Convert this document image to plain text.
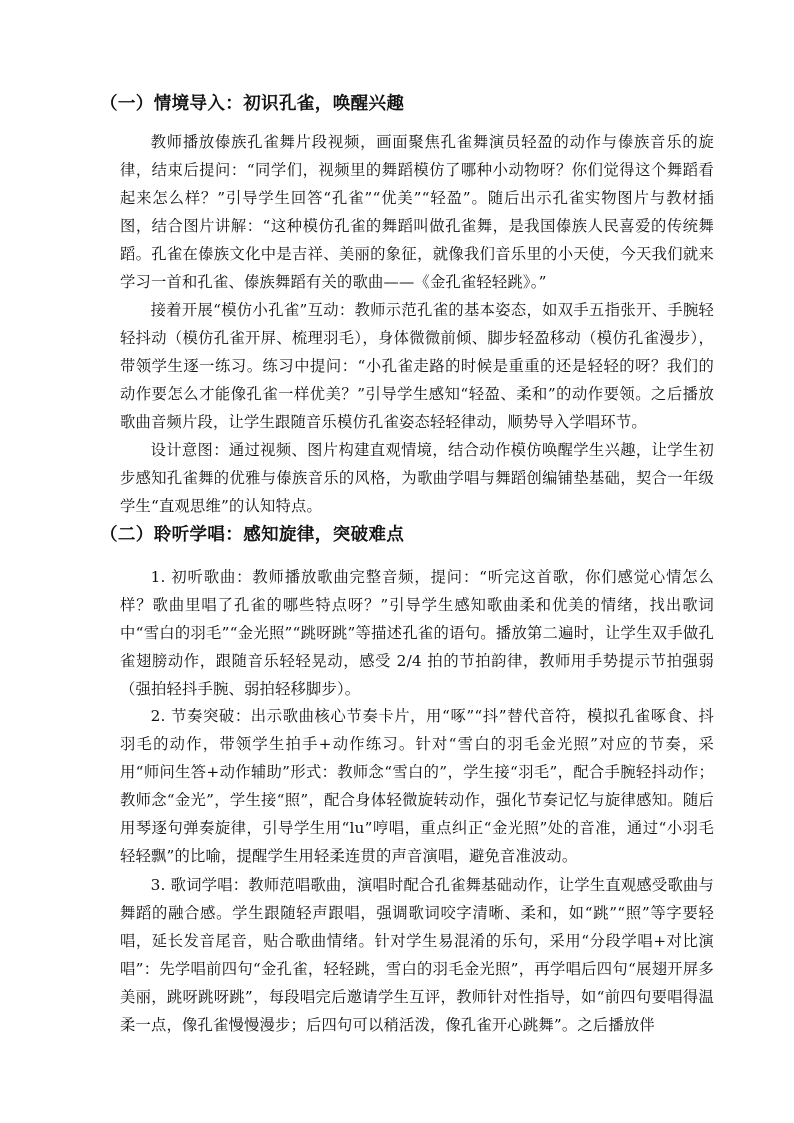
（一）情境导入：初识孔雀，唤醒兴趣
教师播放傣族孔雀舞片段视频，画面聚焦孔雀舞演员轻盈的动作与傣族音乐的旋律，结束后提问：“同学们，视频里的舞蹈模仿了哪种小动物呀？你们觉得这个舞蹈看起来怎么样？”引导学生回答“孔雀”“优美”“轻盈”。随后出示孔雀实物图片与教材插图，结合图片讲解：“这种模仿孔雀的舞蹈叫做孔雀舞，是我国傣族人民喜爱的传统舞蹈。孔雀在傣族文化中是吉祥、美丽的象征，就像我们音乐里的小天使，今天我们就来学习一首和孔雀、傣族舞蹈有关的歌曲——《金孔雀轻轻跳》。”
接着开展“模仿小孔雀”互动：教师示范孔雀的基本姿态，如双手五指张开、手腕轻轻抖动（模仿孔雀开屏、梳理羽毛），身体微微前倾、脚步轻盈移动（模仿孔雀漫步），带领学生逐一练习。练习中提问：“小孔雀走路的时候是重重的还是轻轻的呀？我们的动作要怎么才能像孔雀一样优美？”引导学生感知“轻盈、柔和”的动作要领。之后播放歌曲音频片段，让学生跟随音乐模仿孔雀姿态轻轻律动，顺势导入学唱环节。
设计意图：通过视频、图片构建直观情境，结合动作模仿唤醒学生兴趣，让学生初步感知孔雀舞的优雅与傣族音乐的风格，为歌曲学唱与舞蹈创编铺垫基础，契合一年级学生“直观思维”的认知特点。
（二）聆听学唱：感知旋律，突破难点
1. 初听歌曲：教师播放歌曲完整音频，提问：“听完这首歌，你们感觉心情怎么样？歌曲里唱了孔雀的哪些特点呀？”引导学生感知歌曲柔和优美的情绪，找出歌词中“雪白的羽毛”“金光照”“跳呀跳”等描述孔雀的语句。播放第二遍时，让学生双手做孔雀翅膀动作，跟随音乐轻轻晃动，感受 2/4 拍的节拍韵律，教师用手势提示节拍强弱（强拍轻抖手腕、弱拍轻移脚步）。
2. 节奏突破：出示歌曲核心节奏卡片，用“啄”“抖”替代音符，模拟孔雀啄食、抖羽毛的动作，带领学生拍手+动作练习。针对“雪白的羽毛金光照”对应的节奏，采用“师问生答+动作辅助”形式：教师念“雪白的”，学生接“羽毛”，配合手腕轻抖动作；教师念“金光”，学生接“照”，配合身体轻微旋转动作，强化节奏记忆与旋律感知。随后用琴逐句弹奏旋律，引导学生用“lu”哼唱，重点纠正“金光照”处的音准，通过“小羽毛轻轻飘”的比喻，提醒学生用轻柔连贯的声音演唱，避免音准波动。
3. 歌词学唱：教师范唱歌曲，演唱时配合孔雀舞基础动作，让学生直观感受歌曲与舞蹈的融合感。学生跟随轻声跟唱，强调歌词咬字清晰、柔和，如“跳”“照”等字要轻唱，延长发音尾音，贴合歌曲情绪。针对学生易混淆的乐句，采用“分段学唱+对比演唱”：先学唱前四句“金孔雀，轻轻跳，雪白的羽毛金光照”，再学唱后四句“展翅开屏多美丽，跳呀跳呀跳”，每段唱完后邀请学生互评，教师针对性指导，如“前四句要唱得温柔一点，像孔雀慢慢漫步；后四句可以稍活泼，像孔雀开心跳舞”。之后播放伴
